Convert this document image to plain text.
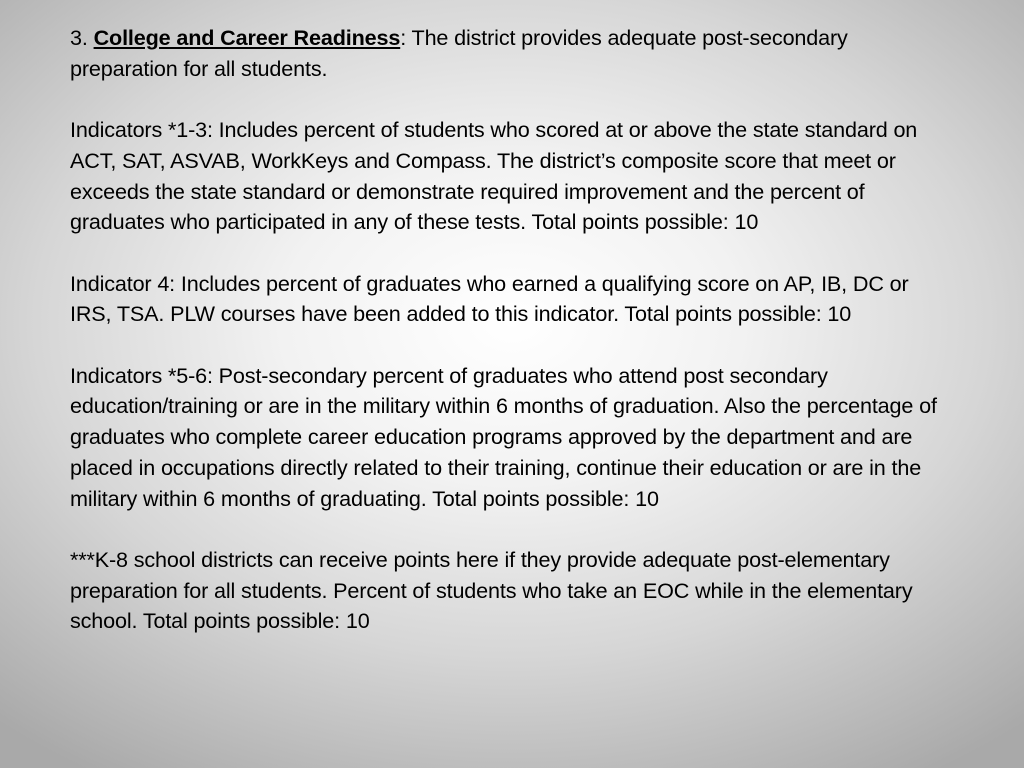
3. College and Career Readiness: The district provides adequate post-secondary preparation for all students.

Indicators *1-3: Includes percent of students who scored at or above the state standard on ACT, SAT, ASVAB, WorkKeys and Compass. The district’s composite score that meet or exceeds the state standard or demonstrate required improvement and the percent of graduates who participated in any of these tests. Total points possible: 10

Indicator 4: Includes percent of graduates who earned a qualifying score on AP, IB, DC or IRS, TSA. PLW courses have been added to this indicator. Total points possible: 10

Indicators *5-6: Post-secondary percent of graduates who attend post secondary education/training or are in the military within 6 months of graduation. Also the percentage of graduates who complete career education programs approved by the department and are placed in occupations directly related to their training, continue their education or are in the military within 6 months of graduating. Total points possible: 10

***K-8 school districts can receive points here if they provide adequate post-elementary preparation for all students. Percent of students who take an EOC while in the elementary school. Total points possible: 10
